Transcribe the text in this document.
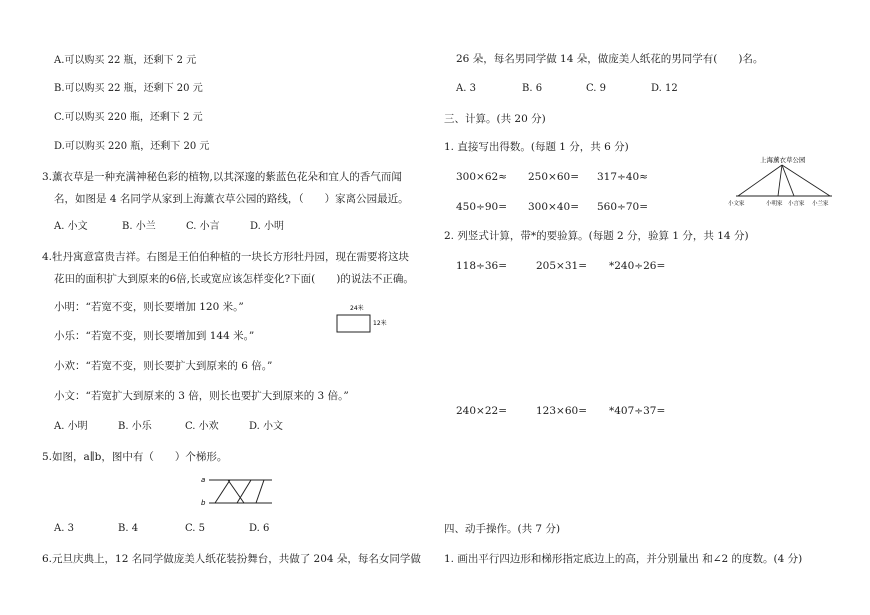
A.可以购买 22 瓶，还剩下 2 元
B.可以购买 22 瓶，还剩下 20 元
C.可以购买 220 瓶，还剩下 2 元
D.可以购买 220 瓶，还剩下 20 元
3.薰衣草是一种充满神秘色彩的植物,以其深邃的紫蓝色花朵和宜人的香气而闻
名，如图是 4 名同学从家到上海薰衣草公园的路线，（　　）家离公园最近。
A. 小文	B. 小兰	C. 小言	D. 小明
4.牡丹寓意富贵吉祥。右图是王伯伯种植的一块长方形牡丹园，现在需要将这块
花田的面积扩大到原来的6倍,长或宽应该怎样变化?下面(　　)的说法不正确。
小明：“若宽不变，则长要增加 120 米。”
小乐：“若宽不变，则长要增加到 144 米。”
小欢：“若宽不变，则长要扩大到原来的 6 倍。”
小文：“若宽扩大到原来的 3 倍，则长也要扩大到原来的 3 倍。”
24米
12米
A. 小明	B. 小乐	C. 小欢	D. 小文
5.如图，a∥b，图中有（　　）个梯形。
a
b
A. 3	B. 4	C. 5	D. 6
6.元旦庆典上，12 名同学做庞美人纸花装扮舞台，共做了 204 朵，每名女同学做
26 朵，每名男同学做 14 朵，做庞美人纸花的男同学有(　　)名。
A. 3	B. 6	C. 9	D. 12
三、计算。(共 20 分)
1. 直接写出得数。(每题 1 分，共 6 分)
300×62≈ 250×60= 317÷40≈
450÷90= 300×40= 560÷70=
上海薰衣草公园
小文家	小明家 小言家 小兰家
2. 列竖式计算，带*的要验算。(每题 2 分，验算 1 分，共 14 分)
118÷36=	205×31= *240÷26=
240×22=	123×60= *407÷37=
四、动手操作。(共 7 分)
1. 画出平行四边形和梯形指定底边上的高，并分别量出 和∠2 的度数。(4 分)
